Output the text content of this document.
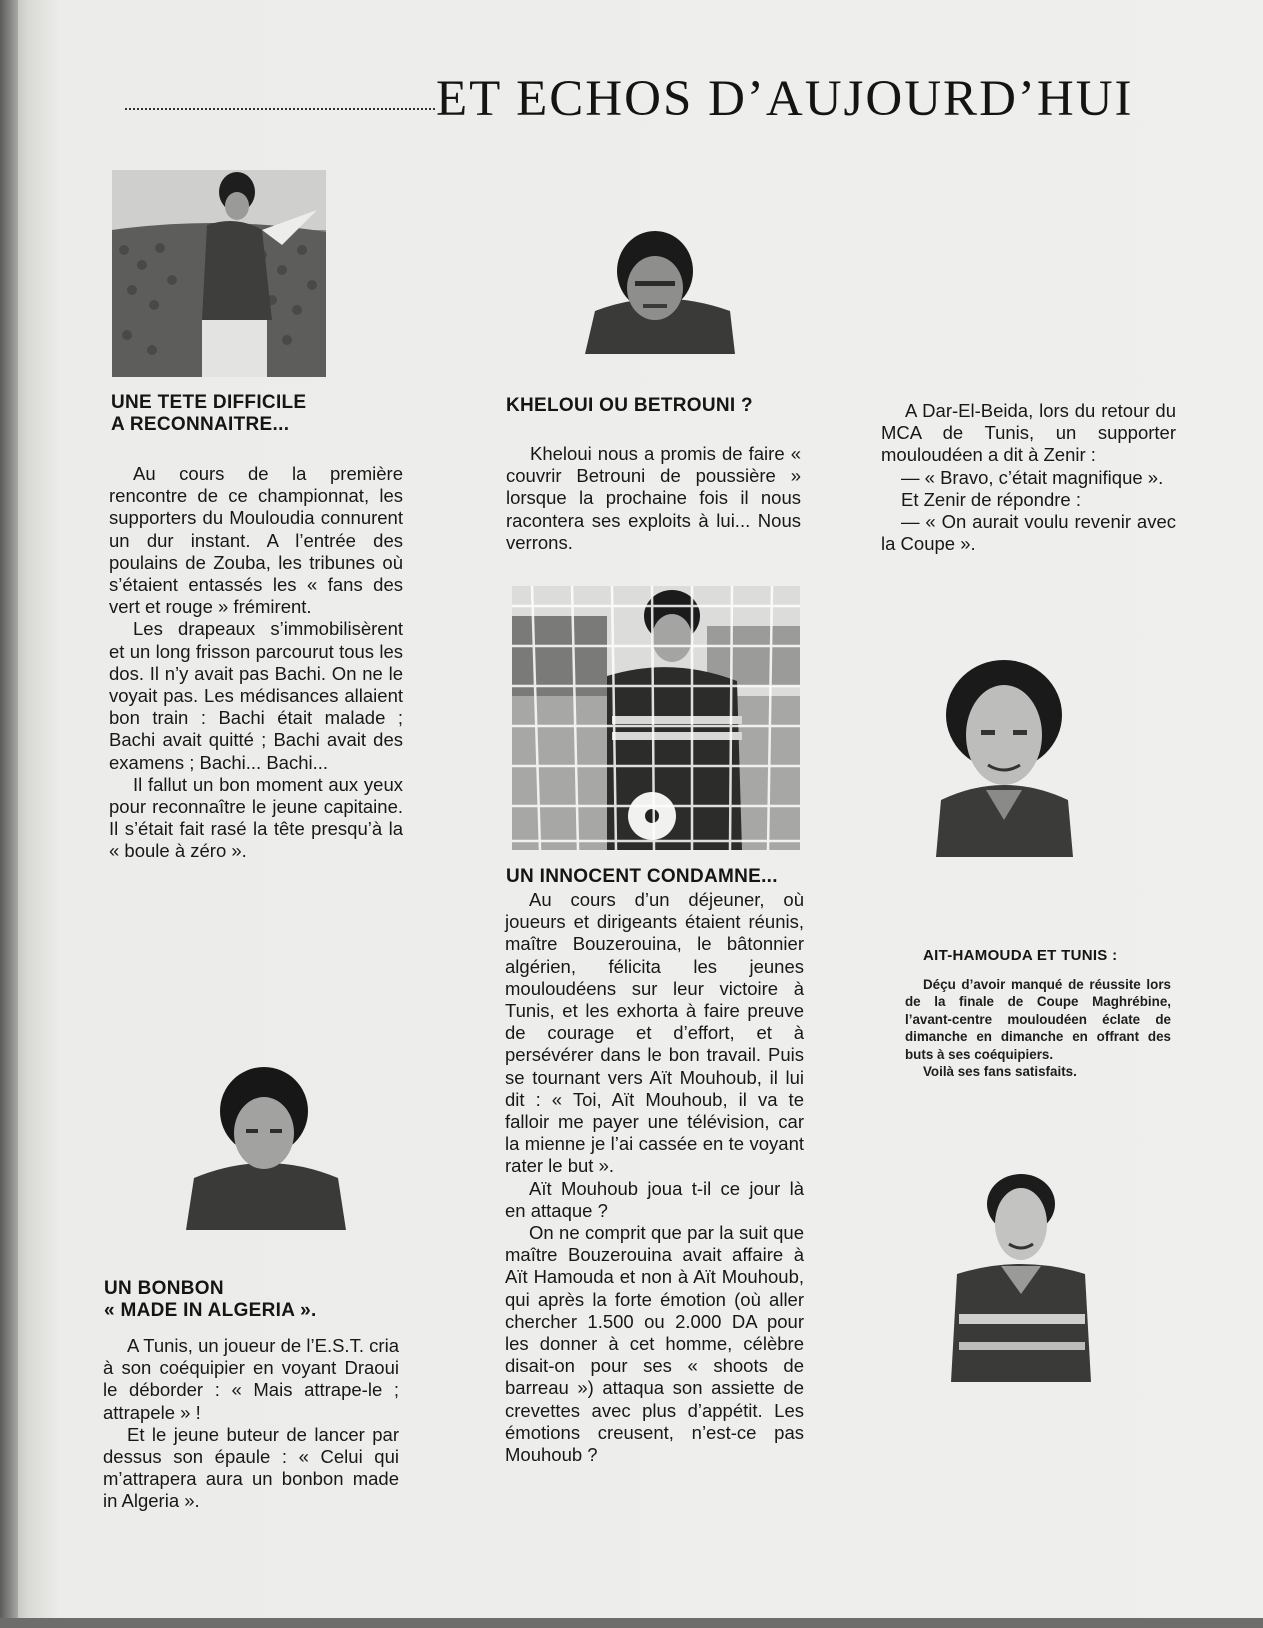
ET ECHOS D’AUJOURD’HUI
UNE TETE DIFFICILE
A RECONNAITRE...

Au cours de la première rencontre de ce championnat, les supporters du Mouloudia connurent un dur instant. A l’entrée des poulains de Zouba, les tribunes où s’étaient entassés les « fans des vert et rouge » frémirent.

Les drapeaux s’immobilisèrent et un long frisson parcourut tous les dos. Il n’y avait pas Bachi. On ne le voyait pas. Les médisances allaient bon train : Bachi était malade ; Bachi avait quitté ; Bachi avait des examens ; Bachi... Bachi...

Il fallut un bon moment aux yeux pour reconnaître le jeune capitaine. Il s’était fait rasé la tête presqu’à la « boule à zéro ».

UN BONBON
« MADE IN ALGERIA ».

A Tunis, un joueur de l’E.S.T. cria à son coéquipier en voyant Draoui le déborder : « Mais attrape-le ; attrapele » !

Et le jeune buteur de lancer par dessus son épaule : « Celui qui m’attrapera aura un bonbon made in Algeria ».

KHELOUI OU BETROUNI ?

Kheloui nous a promis de faire « couvrir Betrouni de poussière » lorsque la prochaine fois il nous racontera ses exploits à lui... Nous verrons.

UN INNOCENT CONDAMNE...

Au cours d’un déjeuner, où joueurs et dirigeants étaient réunis, maître Bouzerouina, le bâtonnier algérien, félicita les jeunes mouloudéens sur leur victoire à Tunis, et les exhorta à faire preuve de courage et d’effort, et à persévérer dans le bon travail. Puis se tournant vers Aït Mouhoub, il lui dit : « Toi, Aït Mouhoub, il va te falloir me payer une télévision, car la mienne je l’ai cassée en te voyant rater le but ».

Aït Mouhoub joua t-il ce jour là en attaque ?

On ne comprit que par la suit que maître Bouzerouina avait affaire à Aït Hamouda et non à Aït Mouhoub, qui après la forte émotion (où aller chercher 1.500 ou 2.000 DA pour les donner à cet homme, célèbre disait-on pour ses « shoots de barreau ») attaqua son assiette de crevettes avec plus d’appétit. Les émotions creusent, n’est-ce pas Mouhoub ?

A Dar-El-Beida, lors du retour du MCA de Tunis, un supporter mouloudéen a dit à Zenir :

— « Bravo, c’était magnifique ».

Et Zenir de répondre :

— « On aurait voulu revenir avec la Coupe ».

AIT-HAMOUDA ET TUNIS :

Déçu d’avoir manqué de réussite lors de la finale de Coupe Maghrébine, l’avant-centre mouloudéen éclate de dimanche en dimanche en offrant des buts à ses coéquipiers.

Voilà ses fans satisfaits.
